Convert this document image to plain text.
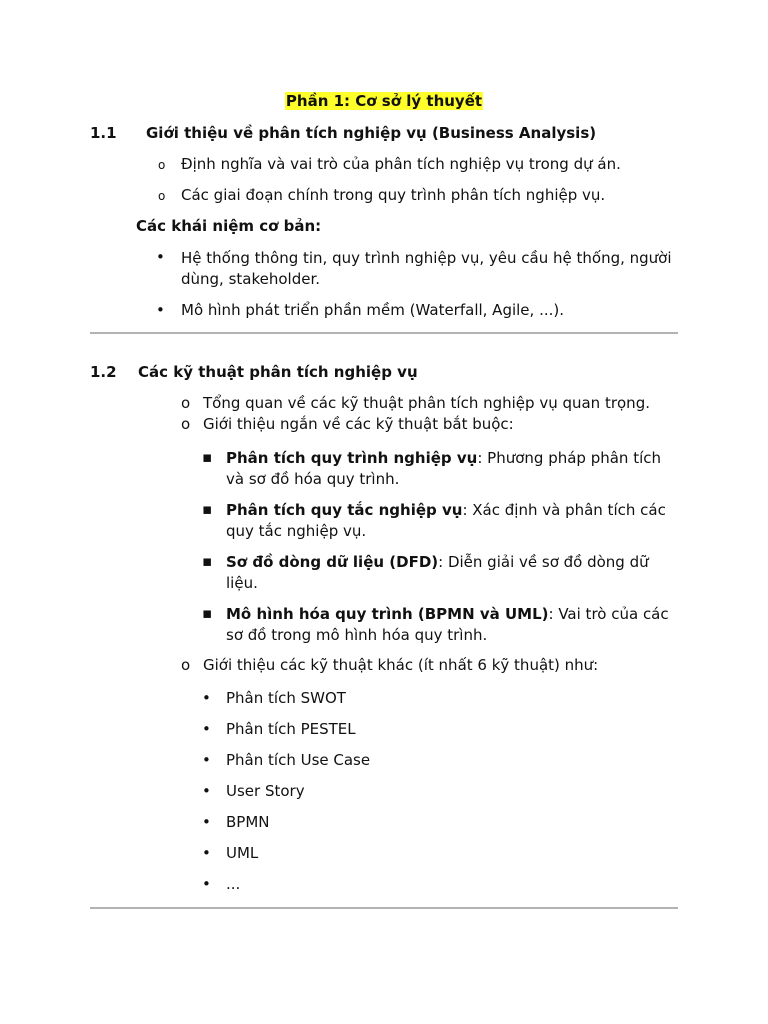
Phần 1: Cơ sở lý thuyết
1.1 Giới thiệu về phân tích nghiệp vụ (Business Analysis)
o Định nghĩa và vai trò của phân tích nghiệp vụ trong dự án.
o Các giai đoạn chính trong quy trình phân tích nghiệp vụ.
Các khái niệm cơ bản:
• Hệ thống thông tin, quy trình nghiệp vụ, yêu cầu hệ thống, người dùng, stakeholder.
• Mô hình phát triển phần mềm (Waterfall, Agile, ...).
1.2 Các kỹ thuật phân tích nghiệp vụ
o Tổng quan về các kỹ thuật phân tích nghiệp vụ quan trọng.
o Giới thiệu ngắn về các kỹ thuật bắt buộc:
▪ Phân tích quy trình nghiệp vụ: Phương pháp phân tích và sơ đồ hóa quy trình.
▪ Phân tích quy tắc nghiệp vụ: Xác định và phân tích các quy tắc nghiệp vụ.
▪ Sơ đồ dòng dữ liệu (DFD): Diễn giải về sơ đồ dòng dữ liệu.
▪ Mô hình hóa quy trình (BPMN và UML): Vai trò của các sơ đồ trong mô hình hóa quy trình.
o Giới thiệu các kỹ thuật khác (ít nhất 6 kỹ thuật) như:
• Phân tích SWOT
• Phân tích PESTEL
• Phân tích Use Case
• User Story
• BPMN
• UML
• ...
